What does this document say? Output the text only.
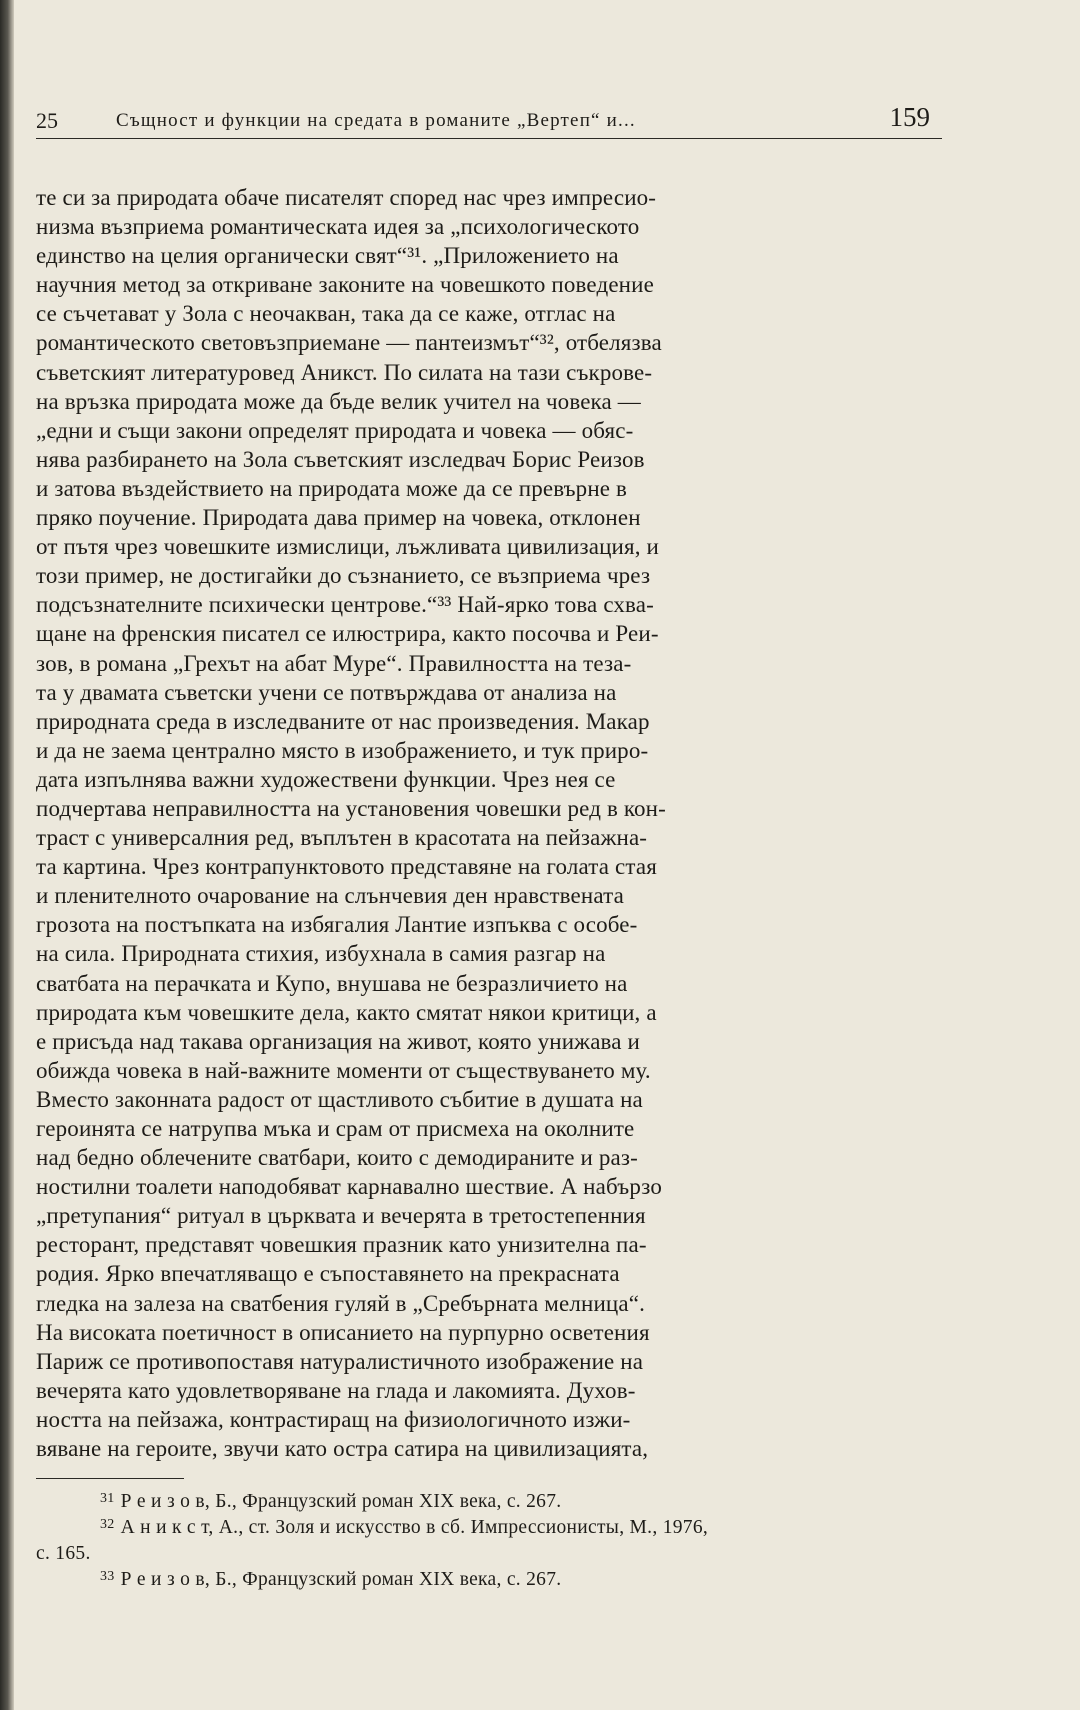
25	Същност и функции на средата в романите „Вертеп“ и...	159
те си за природата обаче писателят според нас чрез импресио-
низма възприема романтическата идея за „психологическото
единство на целия органически свят“³¹. „Приложението на
научния метод за откриване законите на човешкото поведение
се съчетават у Зола с неочакван, така да се каже, отглас на
романтическото световъзприемане — пантеизмът“³², отбелязва
съветският литературовед Аникст. По силата на тази съкрове-
на връзка природата може да бъде велик учител на човека —
„едни и същи закони определят природата и човека — обяс-
нява разбирането на Зола съветският изследвач Борис Реизов
и затова въздействието на природата може да се превърне в
пряко поучение. Природата дава пример на човека, отклонен
от пътя чрез човешките измислици, лъжливата цивилизация, и
този пример, не достигайки до съзнанието, се възприема чрез
подсъзнателните психически центрове.“³³ Най-ярко това схва-
щане на френския писател се илюстрира, както посочва и Реи-
зов, в романа „Грехът на абат Муре“. Правилността на теза-
та у двамата съветски учени се потвърждава от анализа на
природната среда в изследваните от нас произведения. Макар
и да не заема централно място в изображението, и тук приро-
дата изпълнява важни художествени функции. Чрез нея се
подчертава неправилността на установения човешки ред в кон-
траст с универсалния ред, въплътен в красотата на пейзажна-
та картина. Чрез контрапунктовото представяне на голата стая
и пленителното очарование на слънчевия ден нравствената
грозота на постъпката на избягалия Лантие изпъква с особе-
на сила. Природната стихия, избухнала в самия разгар на
сватбата на перачката и Купо, внушава не безразличието на
природата към човешките дела, както смятат някои критици, а
е присъда над такава организация на живот, която унижава и
обижда човека в най-важните моменти от съществуването му.
Вместо законната радост от щастливото събитие в душата на
героинята се натрупва мъка и срам от присмеха на околните
над бедно облечените сватбари, които с демодираните и раз-
ностилни тоалети наподобяват карнавално шествие. А набързо
„претупания“ ритуал в църквата и вечерята в третостепенния
ресторант, представят човешкия празник като унизителна па-
родия. Ярко впечатляващо е съпоставянето на прекрасната
гледка на залеза на сватбения гуляй в „Сребърната мелница“.
На високата поетичност в описанието на пурпурно осветения
Париж се противопоставя натуралистичното изображение на
вечерята като удовлетворяване на глада и лакомията. Духов-
ността на пейзажа, контрастиращ на физиологичното изжи-
вяване на героите, звучи като остра сатира на цивилизацията,
$^{31}$ Р е и з о в, Б., Французский роман XIX века, с. 267.
$^{32}$ А н и к с т, А., ст. Золя и искусство в сб. Импрессионисты, М., 1976,
с. 165.
$^{33}$ Р е и з о в, Б., Французский роман XIX века, с. 267.
